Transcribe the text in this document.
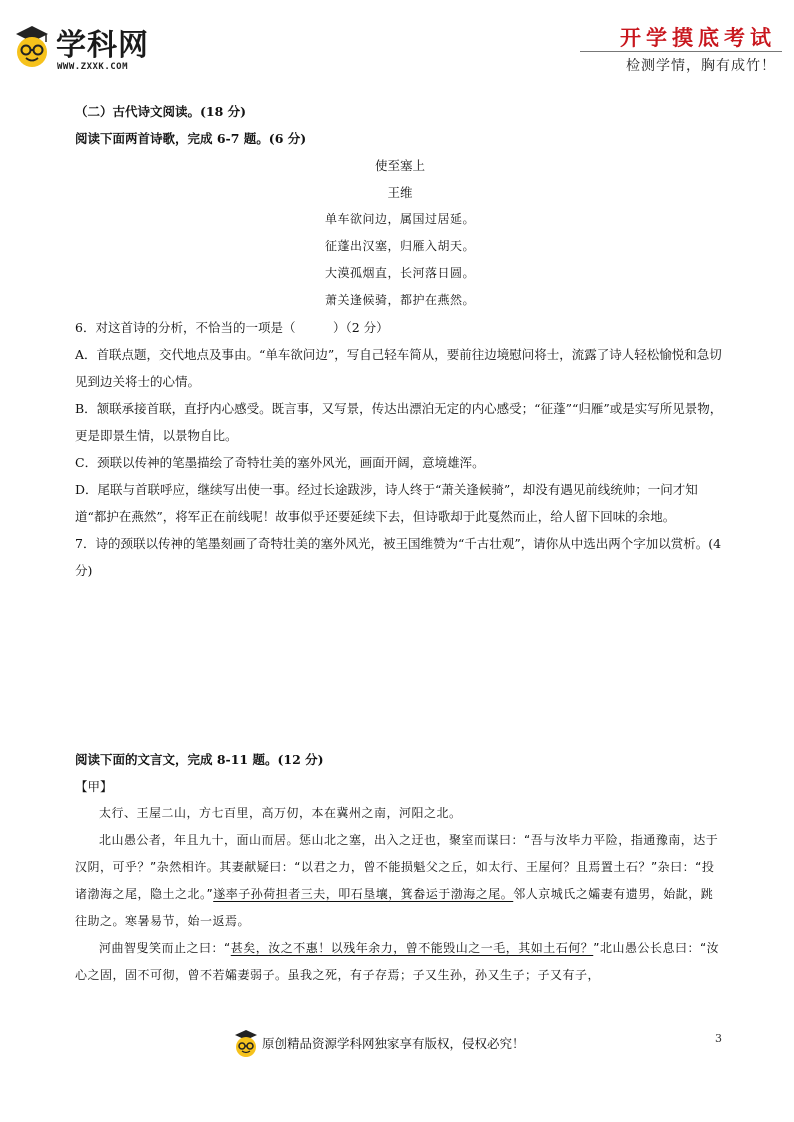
学科网
WWW.ZXXK.COM
开学摸底考试
检测学情，胸有成竹！

（二）古代诗文阅读。(18 分)

阅读下面两首诗歌，完成 6-7 题。(6 分)

使至塞上

王维

单车欲问边，属国过居延。

征蓬出汉塞，归雁入胡天。

大漠孤烟直，长河落日圆。

萧关逢候骑，都护在燕然。

6．对这首诗的分析，不恰当的一项是（　　　）（2 分）

A．首联点题，交代地点及事由。“单车欲问边”，写自己轻车简从，要前往边境慰问将士，流露了诗人轻松愉悦和急切见到边关将士的心情。

B．颔联承接首联，直抒内心感受。既言事，又写景，传达出漂泊无定的内心感受；“征蓬”“归雁”或是实写所见景物，更是即景生情，以景物自比。

C．颈联以传神的笔墨描绘了奇特壮美的塞外风光，画面开阔，意境雄浑。

D．尾联与首联呼应，继续写出使一事。经过长途跋涉，诗人终于“萧关逢候骑”，却没有遇见前线统帅；一问才知道“都护在燕然”，将军正在前线呢！故事似乎还要延续下去，但诗歌却于此戛然而止，给人留下回味的余地。

7．诗的颈联以传神的笔墨刻画了奇特壮美的塞外风光，被王国维赞为“千古壮观”，请你从中选出两个字加以赏析。(4 分)

阅读下面的文言文，完成 8-11 题。(12 分)

【甲】

太行、王屋二山，方七百里，高万仞，本在冀州之南，河阳之北。

北山愚公者，年且九十，面山而居。惩山北之塞，出入之迂也，聚室而谋曰：“吾与汝毕力平险，指通豫南，达于汉阴，可乎？”杂然相许。其妻献疑曰：“以君之力，曾不能损魁父之丘，如太行、王屋何？且焉置土石？”杂曰：“投诸渤海之尾，隐土之北。”遂率子孙荷担者三夫，叩石垦壤，箕畚运于渤海之尾。邻人京城氏之孀妻有遗男，始龀，跳往助之。寒暑易节，始一返焉。

河曲智叟笑而止之曰：“甚矣，汝之不惠！以残年余力，曾不能毁山之一毛，其如土石何？”北山愚公长息曰：“汝心之固，固不可彻，曾不若孀妻弱子。虽我之死，有子存焉；子又生孙，孙又生子；子又有子，

3
原创精品资源学科网独家享有版权，侵权必究！
